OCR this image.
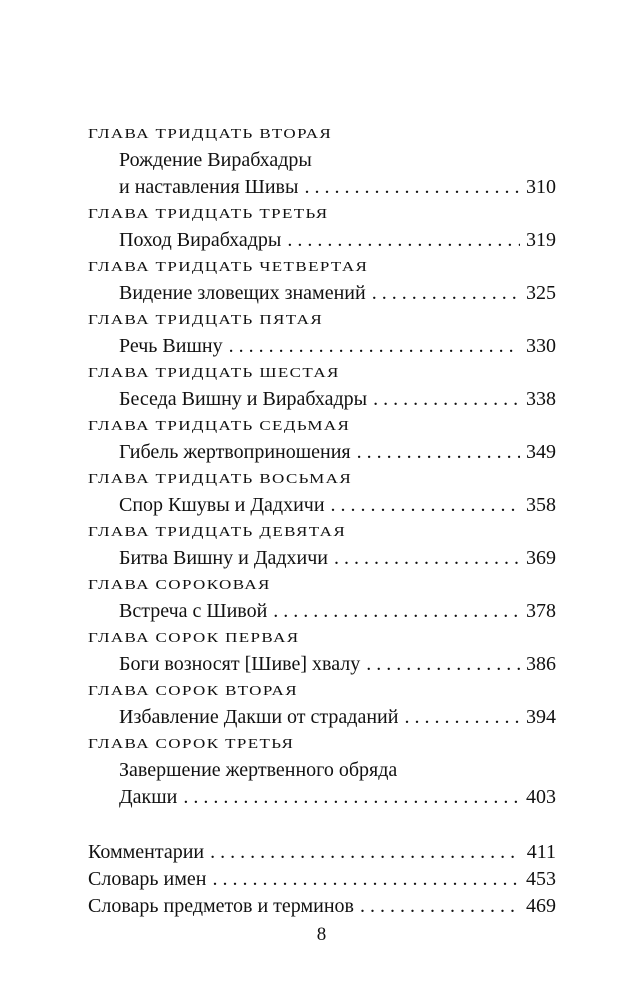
ГЛАВА ТРИДЦАТЬ ВТОРАЯ
Рождение Вирабхадры
и наставления Шивы . . .	310
ГЛАВА ТРИДЦАТЬ ТРЕТЬЯ
Поход Вирабхадры . . .	319
ГЛАВА ТРИДЦАТЬ ЧЕТВЕРТАЯ
Видение зловещих знамений . . .	325
ГЛАВА ТРИДЦАТЬ ПЯТАЯ
Речь Вишну . . .	330
ГЛАВА ТРИДЦАТЬ ШЕСТАЯ
Беседа Вишну и Вирабхадры . . .	338
ГЛАВА ТРИДЦАТЬ СЕДЬМАЯ
Гибель жертвоприношения . . .	349
ГЛАВА ТРИДЦАТЬ ВОСЬМАЯ
Спор Кшувы и Дадхичи . . .	358
ГЛАВА ТРИДЦАТЬ ДЕВЯТАЯ
Битва Вишну и Дадхичи . . .	369
ГЛАВА СОРОКОВАЯ
Встреча с Шивой . . .	378
ГЛАВА СОРОК ПЕРВАЯ
Боги возносят [Шиве] хвалу . . .	386
ГЛАВА СОРОК ВТОРАЯ
Избавление Дакши от страданий . . .	394
ГЛАВА СОРОК ТРЕТЬЯ
Завершение жертвенного обряда
Дакши . . .	403
Комментарии . . .	411
Словарь имен . . .	453
Словарь предметов и терминов . . .	469
8
